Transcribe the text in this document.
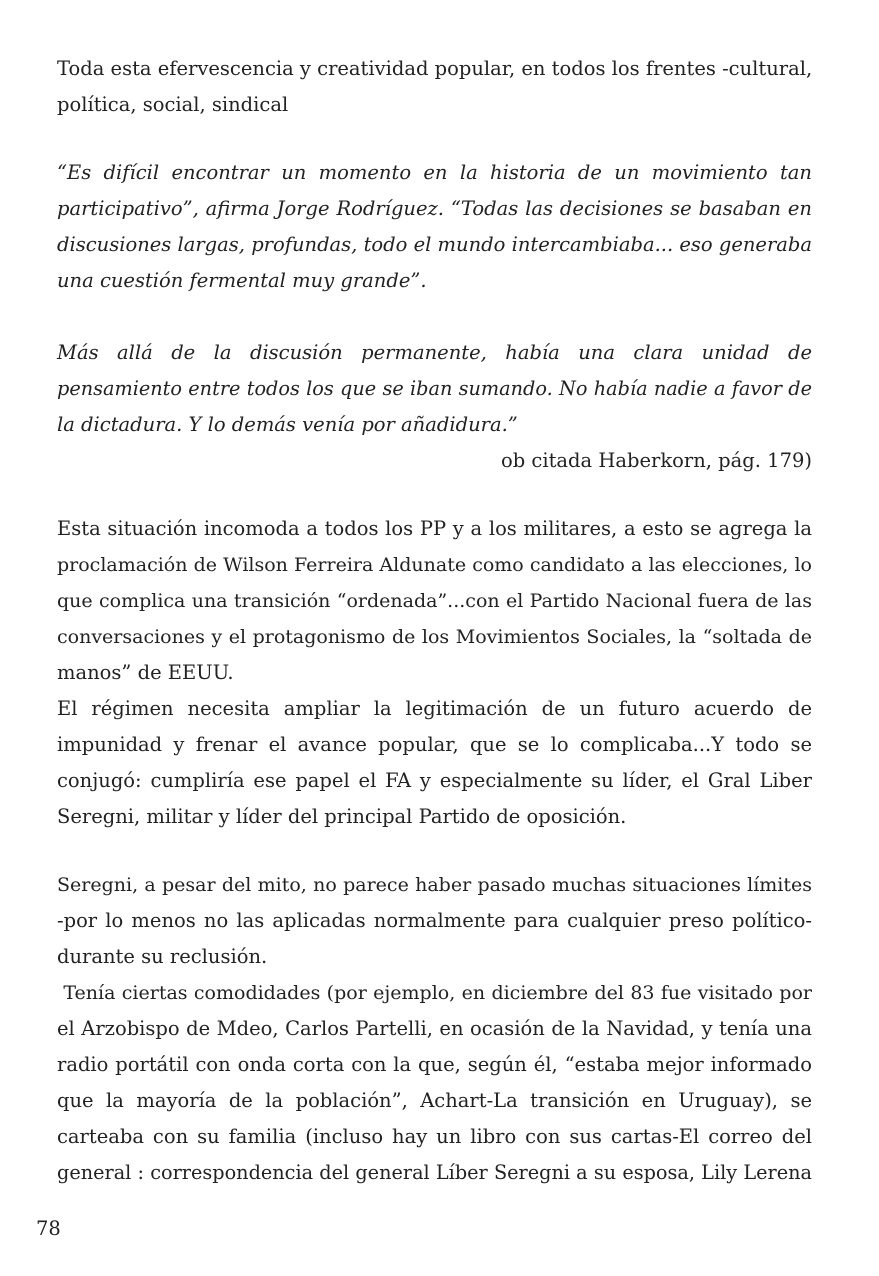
Toda esta efervescencia y creatividad popular, en todos los frentes -cultural,
política, social, sindical

“Es difícil encontrar un momento en la historia de un movimiento tan
participativo”, afirma Jorge Rodríguez. “Todas las decisiones se basaban en
discusiones largas, profundas, todo el mundo intercambiaba... eso generaba
una cuestión fermental muy grande”.

Más allá de la discusión permanente, había una clara unidad de
pensamiento entre todos los que se iban sumando. No había nadie a favor de
la dictadura. Y lo demás venía por añadidura.”

ob citada Haberkorn, pág. 179)

Esta situación incomoda a todos los PP y a los militares, a esto se agrega la
proclamación de Wilson Ferreira Aldunate como candidato a las elecciones, lo
que complica una transición “ordenada”...con el Partido Nacional fuera de las
conversaciones y el protagonismo de los Movimientos Sociales, la “soltada de
manos” de EEUU.

El régimen necesita ampliar la legitimación de un futuro acuerdo de
impunidad y frenar el avance popular, que se lo complicaba...Y todo se
conjugó: cumpliría ese papel el FA y especialmente su líder, el Gral Liber
Seregni, militar y líder del principal Partido de oposición.

Seregni, a pesar del mito, no parece haber pasado muchas situaciones límites
-por lo menos no las aplicadas normalmente para cualquier preso político-
durante su reclusión.

Tenía ciertas comodidades (por ejemplo, en diciembre del 83 fue visitado por
el Arzobispo de Mdeo, Carlos Partelli, en ocasión de la Navidad, y tenía una
radio portátil con onda corta con la que, según él, “estaba mejor informado
que la mayoría de la población”, Achart-La transición en Uruguay), se
carteaba con su familia (incluso hay un libro con sus cartas-El correo del
general : correspondencia del general Líber Seregni a su esposa, Lily Lerena

78
